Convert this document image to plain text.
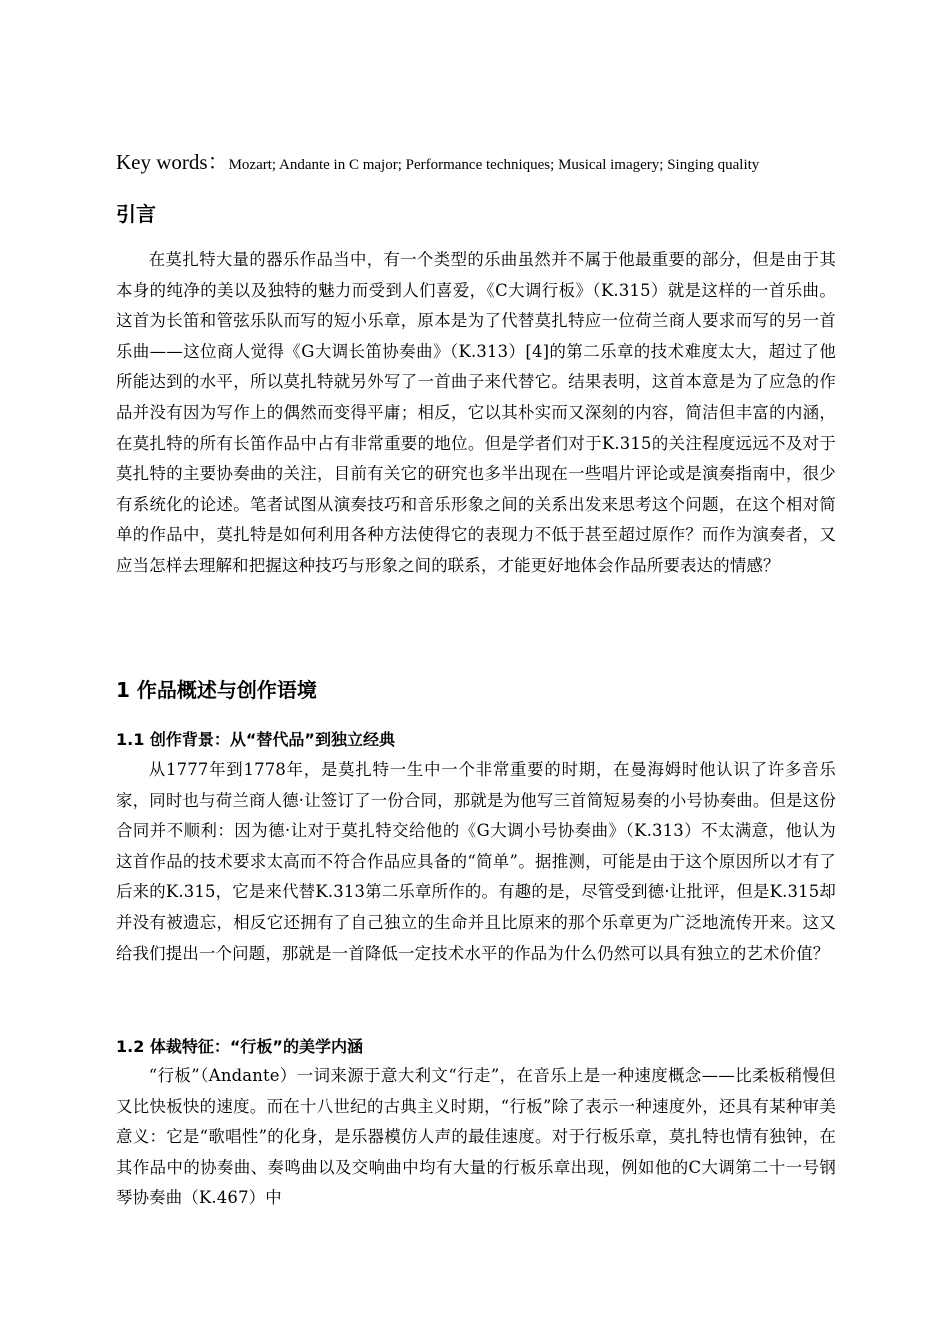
Key words：Mozart; Andante in C major; Performance techniques; Musical imagery; Singing quality
引言

在莫扎特大量的器乐作品当中，有一个类型的乐曲虽然并不属于他最重要的部分，但是由于其本身的纯净的美以及独特的魅力而受到人们喜爱，《C大调行板》（K.315）就是这样的一首乐曲。这首为长笛和管弦乐队而写的短小乐章，原本是为了代替莫扎特应一位荷兰商人要求而写的另一首乐曲——这位商人觉得《G大调长笛协奏曲》（K.313）[4]的第二乐章的技术难度太大，超过了他所能达到的水平，所以莫扎特就另外写了一首曲子来代替它。结果表明，这首本意是为了应急的作品并没有因为写作上的偶然而变得平庸；相反，它以其朴实而又深刻的内容，简洁但丰富的内涵，在莫扎特的所有长笛作品中占有非常重要的地位。但是学者们对于K.315的关注程度远远不及对于莫扎特的主要协奏曲的关注，目前有关它的研究也多半出现在一些唱片评论或是演奏指南中，很少有系统化的论述。笔者试图从演奏技巧和音乐形象之间的关系出发来思考这个问题，在这个相对简单的作品中，莫扎特是如何利用各种方法使得它的表现力不低于甚至超过原作？而作为演奏者，又应当怎样去理解和把握这种技巧与形象之间的联系，才能更好地体会作品所要表达的情感？

1 作品概述与创作语境
1.1 创作背景：从“替代品”到独立经典

从1777年到1778年，是莫扎特一生中一个非常重要的时期，在曼海姆时他认识了许多音乐家，同时也与荷兰商人德·让签订了一份合同，那就是为他写三首简短易奏的小号协奏曲。但是这份合同并不顺利：因为德·让对于莫扎特交给他的《G大调小号协奏曲》（K.313）不太满意，他认为这首作品的技术要求太高而不符合作品应具备的“简单”。据推测，可能是由于这个原因所以才有了后来的K.315，它是来代替K.313第二乐章所作的。有趣的是，尽管受到德·让批评，但是K.315却并没有被遗忘，相反它还拥有了自己独立的生命并且比原来的那个乐章更为广泛地流传开来。这又给我们提出一个问题，那就是一首降低一定技术水平的作品为什么仍然可以具有独立的艺术价值？

1.2 体裁特征：“行板”的美学内涵

“行板”（Andante）一词来源于意大利文“行走”，在音乐上是一种速度概念——比柔板稍慢但又比快板快的速度。而在十八世纪的古典主义时期，“行板”除了表示一种速度外，还具有某种审美意义：它是“歌唱性”的化身，是乐器模仿人声的最佳速度。对于行板乐章，莫扎特也情有独钟，在其作品中的协奏曲、奏鸣曲以及交响曲中均有大量的行板乐章出现，例如他的C大调第二十一号钢琴协奏曲（K.467）中
